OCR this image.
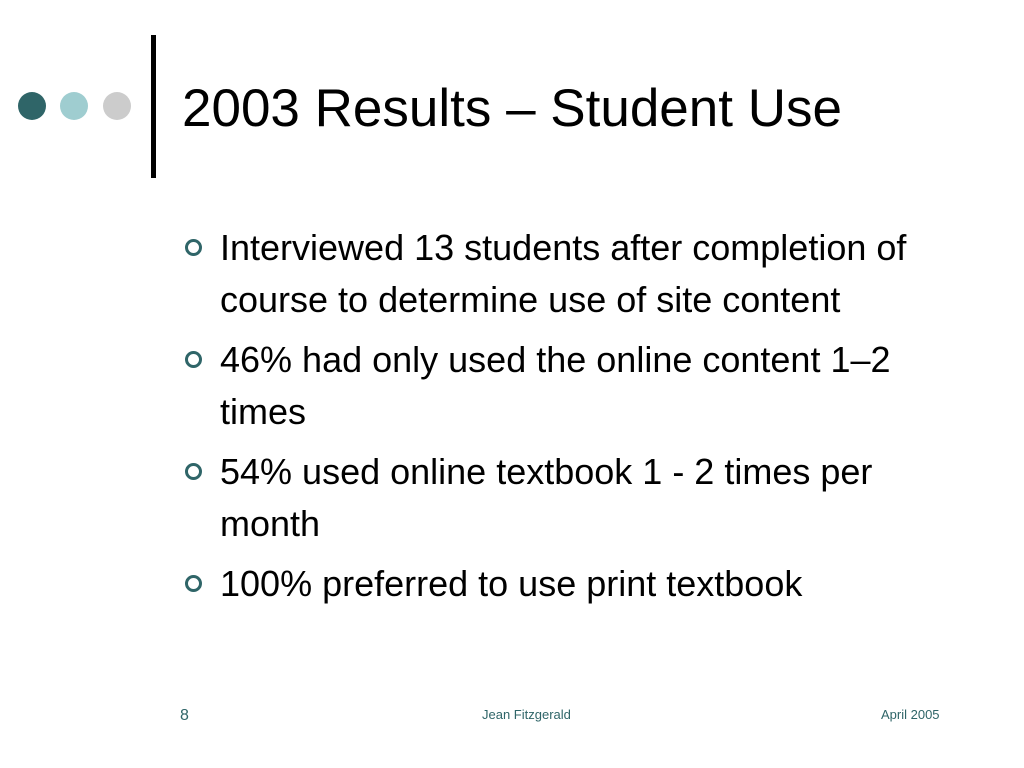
2003 Results – Student Use
Interviewed 13 students after completion of course to determine use of site content
46% had only used the online content 1–2 times
54% used online textbook 1 - 2 times per month
100% preferred to use print textbook
8	Jean Fitzgerald	April 2005
